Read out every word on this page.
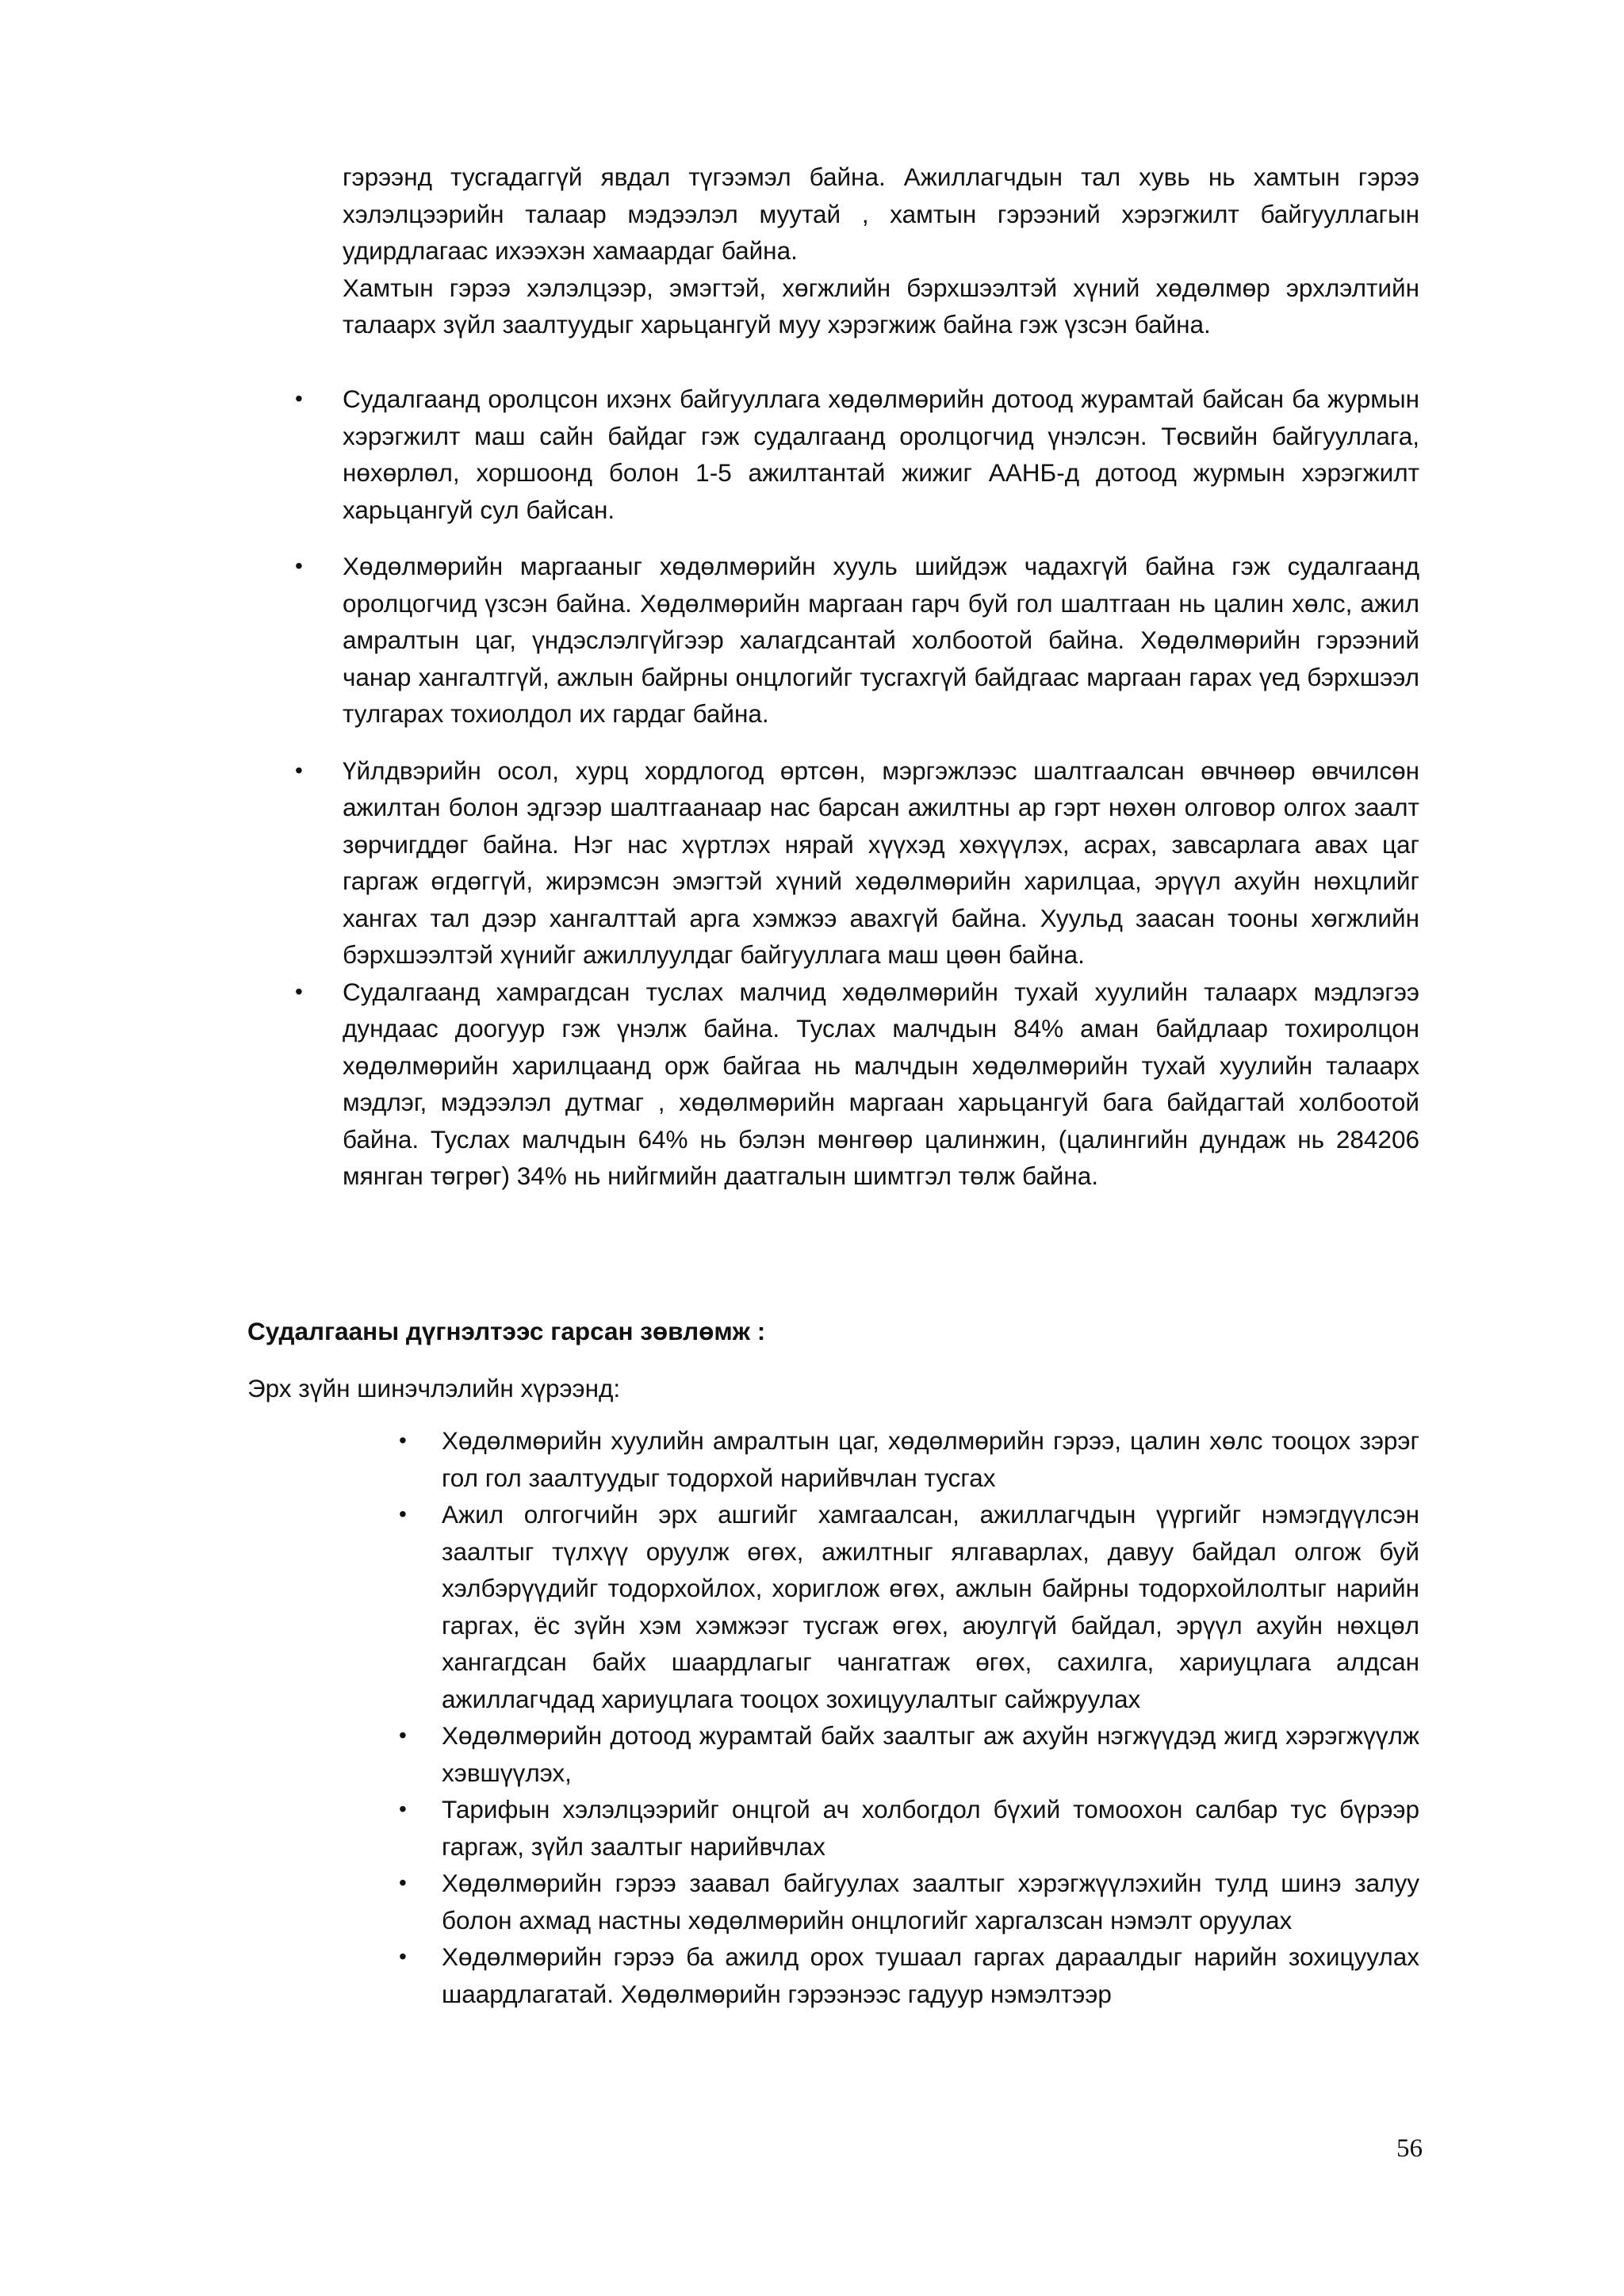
гэрээнд тусгадаггүй явдал түгээмэл байна. Ажиллагчдын тал хувь нь хамтын гэрээ хэлэлцээрийн талаар мэдээлэл муутай , хамтын гэрээний хэрэгжилт байгууллагын удирдлагаас ихээхэн хамаардаг байна.

Хамтын гэрээ хэлэлцээр, эмэгтэй, хөгжлийн бэрхшээлтэй хүний хөдөлмөр эрхлэлтийн талаарх зүйл заалтуудыг харьцангуй муу хэрэгжиж байна гэж үзсэн байна.

• Судалгаанд оролцсон ихэнх байгууллага хөдөлмөрийн дотоод журамтай байсан ба журмын хэрэгжилт маш сайн байдаг гэж судалгаанд оролцогчид үнэлсэн. Төсвийн байгууллага, нөхөрлөл, хоршоонд болон 1-5 ажилтантай жижиг ААНБ-д дотоод журмын хэрэгжилт харьцангуй сул байсан.
• Хөдөлмөрийн маргааныг хөдөлмөрийн хууль шийдэж чадахгүй байна гэж судалгаанд оролцогчид үзсэн байна. Хөдөлмөрийн маргаан гарч буй гол шалтгаан нь цалин хөлс, ажил амралтын цаг, үндэслэлгүйгээр халагдсантай холбоотой байна. Хөдөлмөрийн гэрээний чанар хангалтгүй, ажлын байрны онцлогийг тусгахгүй байдгаас маргаан гарах үед бэрхшээл тулгарах тохиолдол их гардаг байна.
• Үйлдвэрийн осол, хурц хордлогод өртсөн, мэргэжлээс шалтгаалсан өвчнөөр өвчилсөн ажилтан болон эдгээр шалтгаанаар нас барсан ажилтны ар гэрт нөхөн олговор олгох заалт зөрчигддөг байна. Нэг нас хүртлэх нярай хүүхэд хөхүүлэх, асрах, завсарлага авах цаг гаргаж өгдөггүй, жирэмсэн эмэгтэй хүний хөдөлмөрийн харилцаа, эрүүл ахуйн нөхцлийг хангах тал дээр хангалттай арга хэмжээ авахгүй байна. Хуульд заасан тооны хөгжлийн бэрхшээлтэй хүнийг ажиллуулдаг байгууллага маш цөөн байна.
• Судалгаанд хамрагдсан туслах малчид хөдөлмөрийн тухай хуулийн талаарх мэдлэгээ дундаас доогуур гэж үнэлж байна. Туслах малчдын 84% аман байдлаар тохиролцон хөдөлмөрийн харилцаанд орж байгаа нь малчдын хөдөлмөрийн тухай хуулийн талаарх мэдлэг, мэдээлэл дутмаг , хөдөлмөрийн маргаан харьцангуй бага байдагтай холбоотой байна. Туслах малчдын 64% нь бэлэн мөнгөөр цалинжин, (цалингийн дундаж нь 284206 мянган төгрөг) 34% нь нийгмийн даатгалын шимтгэл төлж байна.

Судалгааны дүгнэлтээс гарсан зөвлөмж :

Эрх зүйн шинэчлэлийн хүрээнд:

• Хөдөлмөрийн хуулийн амралтын цаг, хөдөлмөрийн гэрээ, цалин хөлс тооцох зэрэг гол гол заалтуудыг тодорхой нарийвчлан тусгах
• Ажил олгогчийн эрх ашгийг хамгаалсан, ажиллагчдын үүргийг нэмэгдүүлсэн заалтыг түлхүү оруулж өгөх, ажилтныг ялгаварлах, давуу байдал олгож буй хэлбэрүүдийг тодорхойлох, хориглож өгөх, ажлын байрны тодорхойлолтыг нарийн гаргах, ёс зүйн хэм хэмжээг тусгаж өгөх, аюулгүй байдал, эрүүл ахуйн нөхцөл хангагдсан байх шаардлагыг чангатгаж өгөх, сахилга, хариуцлага алдсан ажиллагчдад хариуцлага тооцох зохицуулалтыг сайжруулах
• Хөдөлмөрийн дотоод журамтай байх заалтыг аж ахуйн нэгжүүдэд жигд хэрэгжүүлж хэвшүүлэх,
• Тарифын хэлэлцээрийг онцгой ач холбогдол бүхий томоохон салбар тус бүрээр гаргаж, зүйл заалтыг нарийвчлах
• Хөдөлмөрийн гэрээ заавал байгуулах заалтыг хэрэгжүүлэхийн тулд шинэ залуу болон ахмад настны хөдөлмөрийн онцлогийг харгалзсан нэмэлт оруулах
• Хөдөлмөрийн гэрээ ба ажилд орох тушаал гаргах дараалдыг нарийн зохицуулах шаардлагатай. Хөдөлмөрийн гэрээнээс гадуур нэмэлтээр
56
